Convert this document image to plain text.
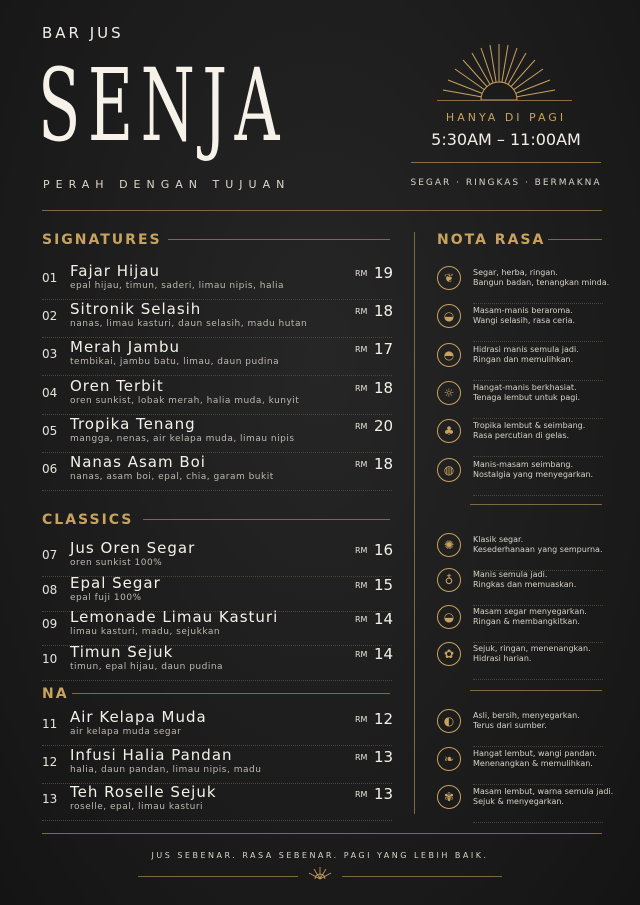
BAR JUS
SENJA
PERAH DENGAN TUJUAN
HANYA DI PAGI
5:30AM – 11:00AM
SEGAR · RINGKAS · BERMAKNA
SIGNATURES
CLASSICS
NA
NOTA RASA
01 Fajar Hijau
epal hijau, timun, saderi, limau nipis, halia
RM 19
02 Sitronik Selasih
nanas, limau kasturi, daun selasih, madu hutan
RM 18
03 Merah Jambu
tembikai, jambu batu, limau, daun pudina
RM 17
04 Oren Terbit
oren sunkist, lobak merah, halia muda, kunyit
RM 18
05 Tropika Tenang
mangga, nenas, air kelapa muda, limau nipis
RM 20
06 Nanas Asam Boi
nanas, asam boi, epal, chia, garam bukit
RM 18
07 Jus Oren Segar
oren sunkist 100%
RM 16
08 Epal Segar
epal fuji 100%
RM 15
09 Lemonade Limau Kasturi
limau kasturi, madu, sejukkan
RM 14
10 Timun Sejuk
timun, epal hijau, daun pudina
RM 14
11 Air Kelapa Muda
air kelapa muda segar
RM 12
12 Infusi Halia Pandan
halia, daun pandan, limau nipis, madu
RM 13
13 Teh Roselle Sejuk
roselle, epal, limau kasturi
RM 13
❦	Segar, herba, ringan.
Bangun badan, tenangkan minda.
◒	Masam-manis beraroma.
Wangi selasih, rasa ceria.
◓	Hidrasi manis semula jadi.
Ringan dan memulihkan.
☼	Hangat-manis berkhasiat.
Tenaga lembut untuk pagi.
♣	Tropika lembut & seimbang.
Rasa percutian di gelas.
◍	Manis-masam seimbang.
Nostalgia yang menyegarkan.
✺	Klasik segar.
Kesederhanaan yang sempurna.
♁	Manis semula jadi.
Ringkas dan memuaskan.
◒	Masam segar menyegarkan.
Ringan & membangkitkan.
✿	Sejuk, ringan, menenangkan.
Hidrasi harian.
◐	Asli, bersih, menyegarkan.
Terus dari sumber.
❧	Hangat lembut, wangi pandan.
Menenangkan & memulihkan.
✾	Masam lembut, warna semula jadi.
Sejuk & menyegarkan.
JUS SEBENAR. RASA SEBENAR. PAGI YANG LEBIH BAIK.
